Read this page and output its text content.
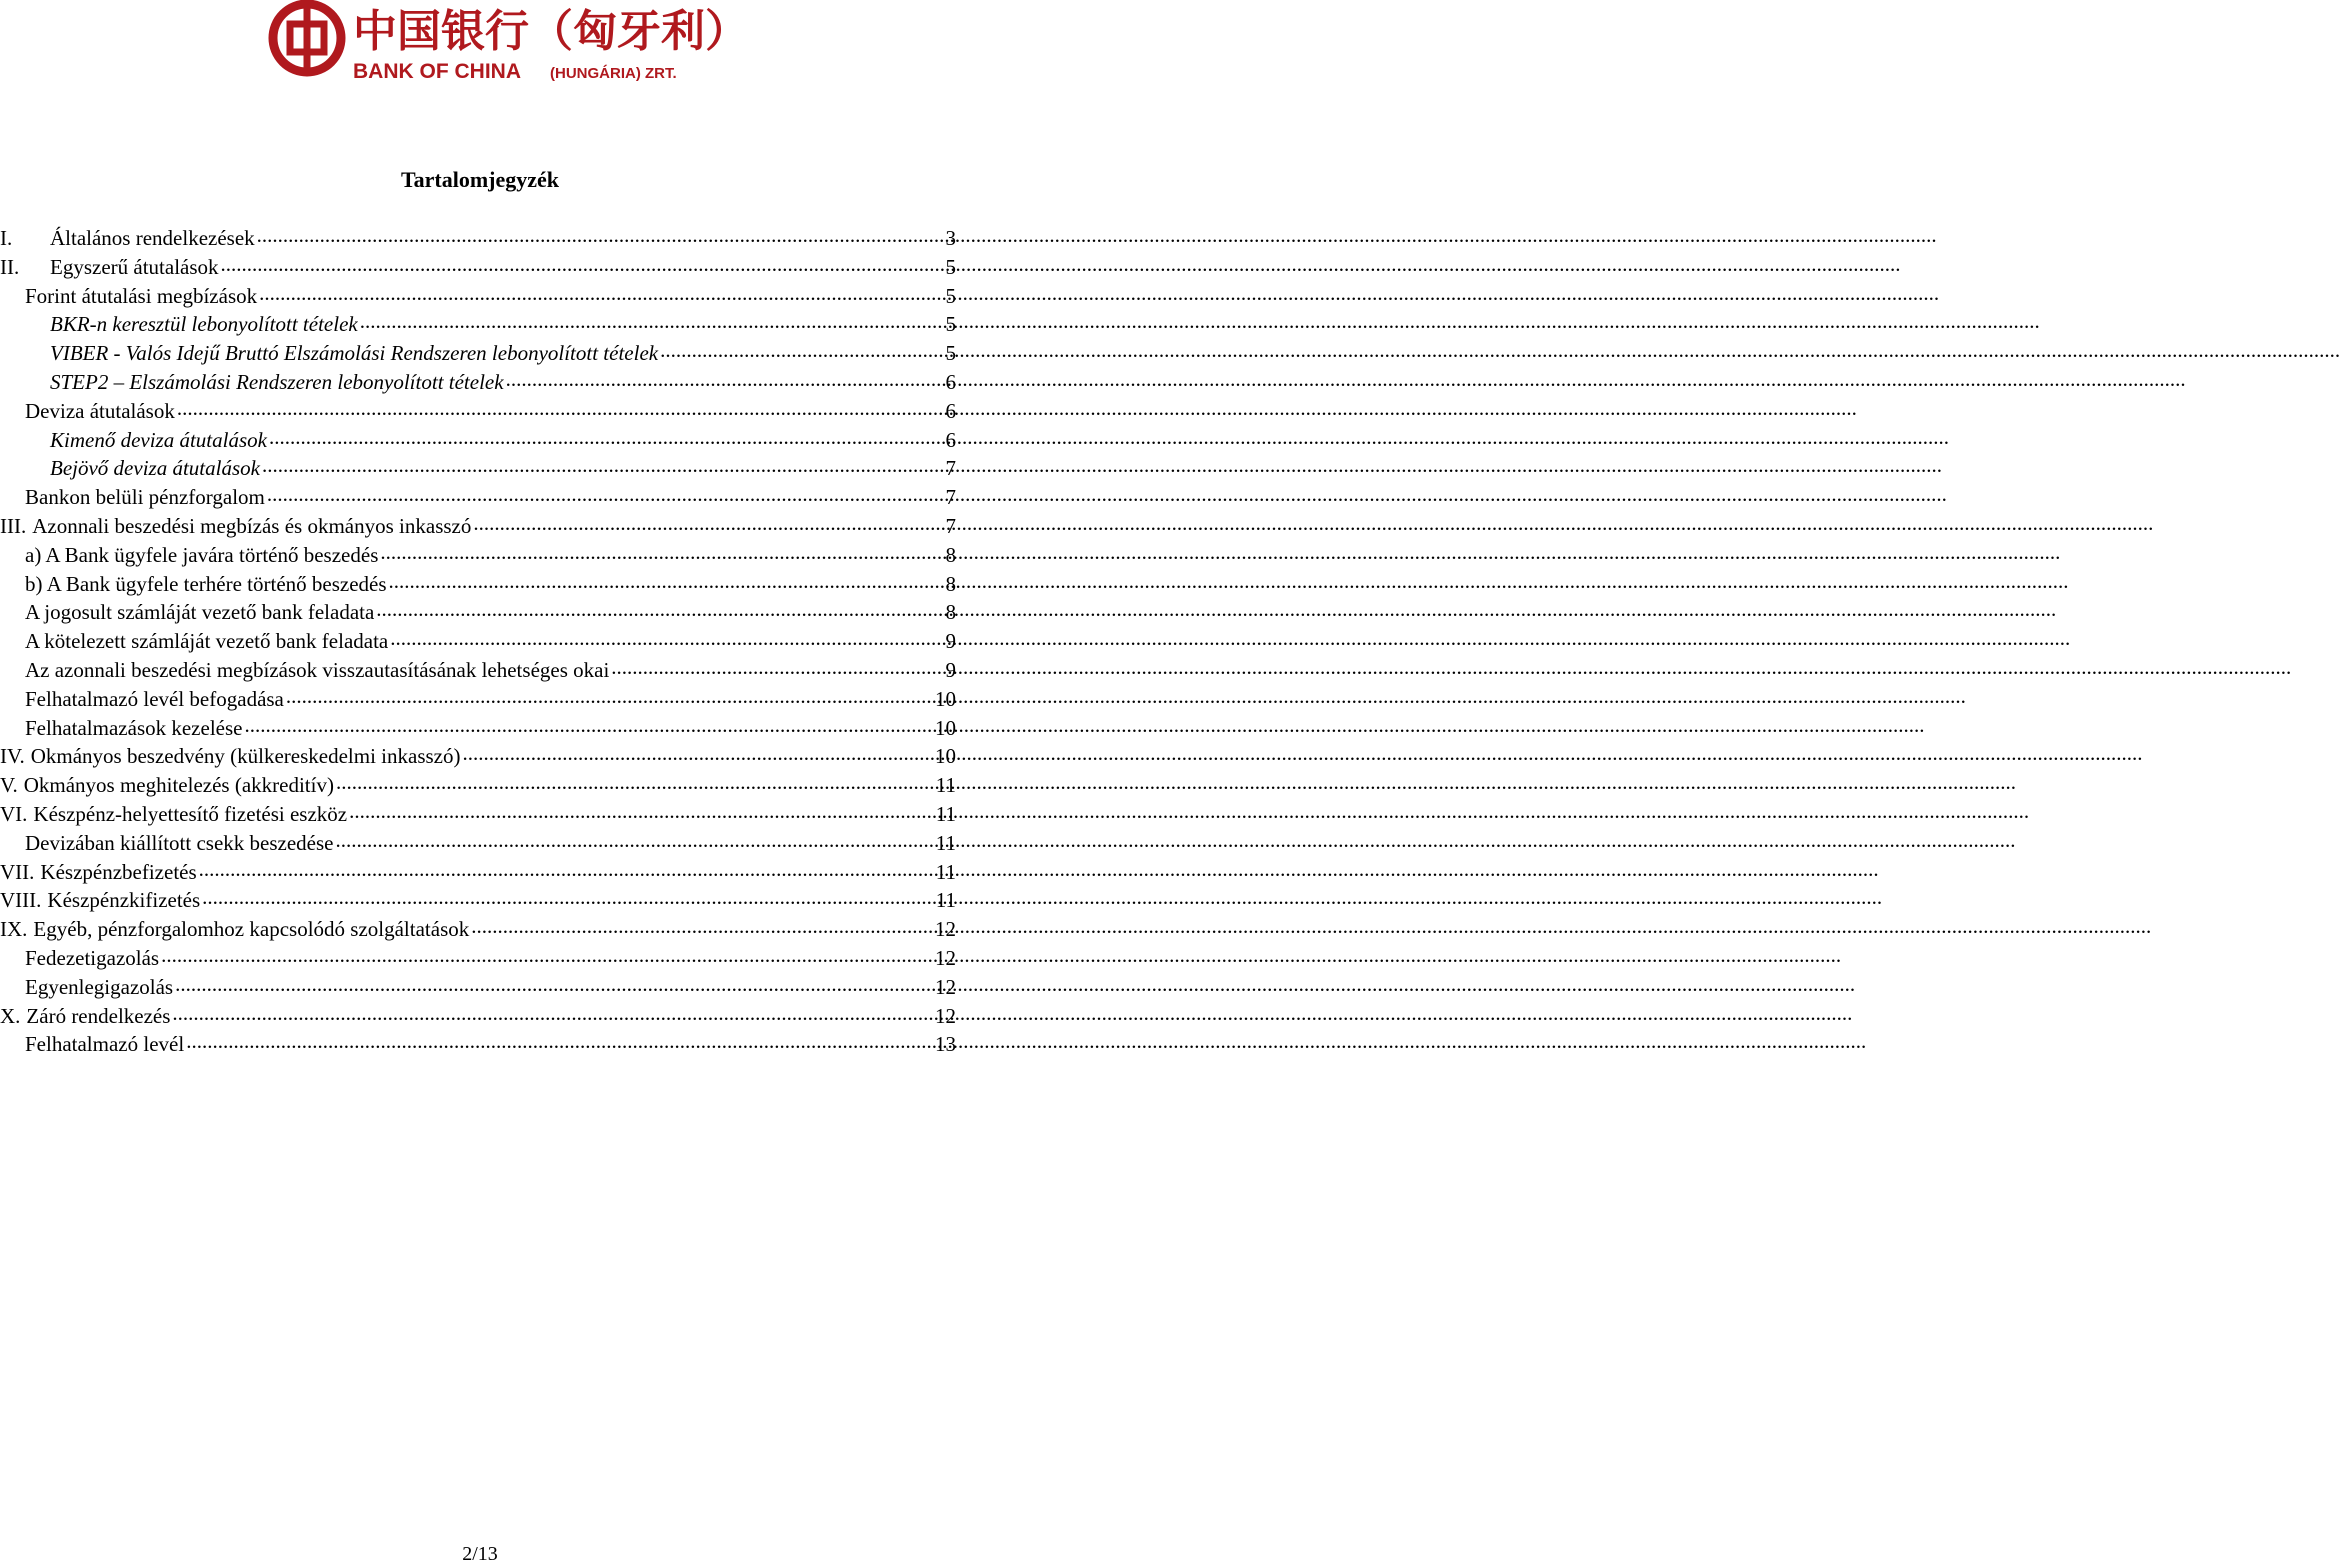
中国银行（匈牙利）
BANK OF CHINA (HUNGÁRIA) ZRT.
Tartalomjegyzék
I.	Általános rendelkezések .....	3
II.	Egyszerű átutalások .....	5
Forint átutalási megbízások .....	5
BKR-n keresztül lebonyolított tételek .....	5
VIBER - Valós Idejű Bruttó Elszámolási Rendszeren lebonyolított tételek .....	5
STEP2 – Elszámolási Rendszeren lebonyolított tételek .....	6
Deviza átutalások .....	6
Kimenő deviza átutalások .....	6
Bejövő deviza átutalások .....	7
Bankon belüli pénzforgalom .....	7
III. Azonnali beszedési megbízás és okmányos inkasszó .....	7
a) A Bank ügyfele javára történő beszedés .....	8
b) A Bank ügyfele terhére történő beszedés .....	8
A jogosult számláját vezető bank feladata .....	8
A kötelezett számláját vezető bank feladata .....	9
Az azonnali beszedési megbízások visszautasításának lehetséges okai .....	9
Felhatalmazó levél befogadása .....	10
Felhatalmazások kezelése .....	10
IV. Okmányos beszedvény (külkereskedelmi inkasszó) .....	10
V. Okmányos meghitelezés (akkreditív) .....	11
VI. Készpénz-helyettesítő fizetési eszköz .....	11
Devizában kiállított csekk beszedése .....	11
VII. Készpénzbefizetés .....	11
VIII. Készpénzkifizetés .....	11
IX. Egyéb, pénzforgalomhoz kapcsolódó szolgáltatások .....	12
Fedezetigazolás .....	12
Egyenlegigazolás .....	12
X. Záró rendelkezés .....	12
Felhatalmazó levél .....	13
2/13
